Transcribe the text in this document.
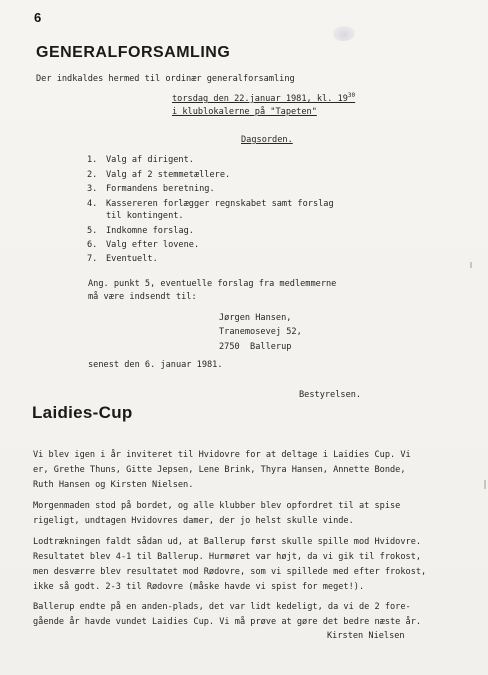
6
GENERALFORSAMLING
Der indkaldes hermed til ordinær generalforsamling
torsdag den 22.januar 1981, kl. $19^{30}$
i klublokalerne på "Tapeten"
Dagsorden.
1. Valg af dirigent.
2. Valg af 2 stemmetællere.
3. Formandens beretning.
4. Kassereren forlægger regnskabet samt forslag
til kontingent.
5. Indkomne forslag.
6. Valg efter lovene.
7. Eventuelt.
Ang. punkt 5, eventuelle forslag fra medlemmerne
må være indsendt til:
Jørgen Hansen,
Tranemosevej 52,
2750  Ballerup
senest den 6. januar 1981.
Bestyrelsen.
Laidies-Cup
Vi blev igen i år inviteret til Hvidovre for at deltage i Laidies Cup. Vi
er, Grethe Thuns, Gitte Jepsen, Lene Brink, Thyra Hansen, Annette Bonde,
Ruth Hansen og Kirsten Nielsen.
Morgenmaden stod på bordet, og alle klubber blev opfordret til at spise
rigeligt, undtagen Hvidovres damer, der jo helst skulle vinde.
Lodtrækningen faldt sådan ud, at Ballerup først skulle spille mod Hvidovre.
Resultatet blev 4-1 til Ballerup. Hurmøret var højt, da vi gik til frokost,
men desværre blev resultatet mod Rødovre, som vi spillede med efter frokost,
ikke så godt. 2-3 til Rødovre (måske havde vi spist for meget!).
Ballerup endte på en anden-plads, det var lidt kedeligt, da vi de 2 fore-
gående år havde vundet Laidies Cup. Vi må prøve at gøre det bedre næste år.
Kirsten Nielsen
